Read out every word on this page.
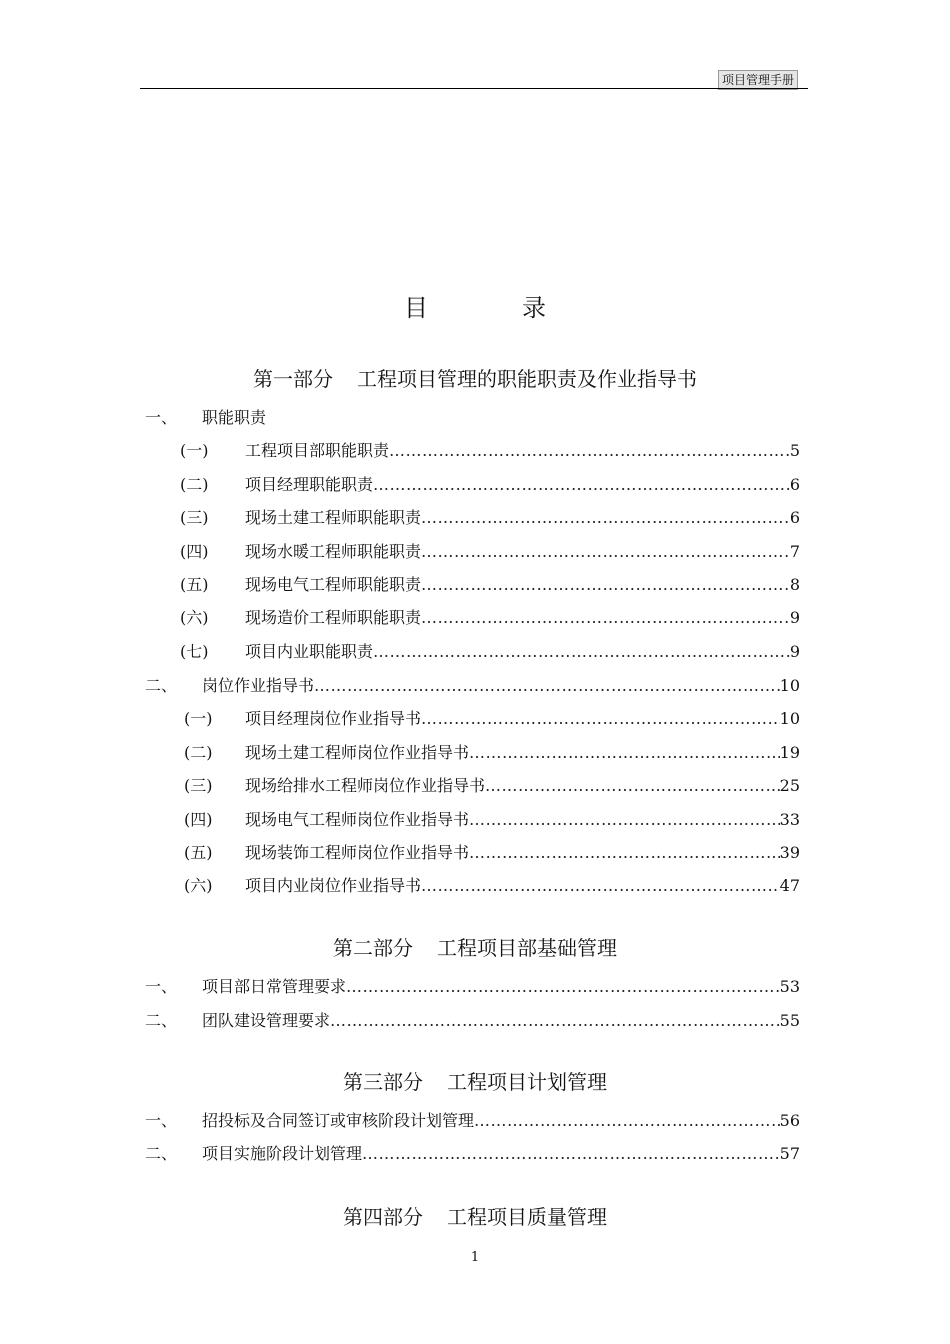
项目管理手册
目	录
第一部分 工程项目管理的职能职责及作业指导书
一、 职能职责
(一) 工程项目部职能职责 …………………………………………………………………………………………………………………………………………	5
(二) 项目经理职能职责 …………………………………………………………………………………………………………………………………………	6
(三) 现场土建工程师职能职责 …………………………………………………………………………………………………………………………………………	6
(四) 现场水暖工程师职能职责 …………………………………………………………………………………………………………………………………………	7
(五) 现场电气工程师职能职责 …………………………………………………………………………………………………………………………………………	8
(六) 现场造价工程师职能职责 …………………………………………………………………………………………………………………………………………	9
(七) 项目内业职能职责 …………………………………………………………………………………………………………………………………………	9
二、 岗位作业指导书 …………………………………………………………………………………………………………………………………………	10
(一) 项目经理岗位作业指导书 …………………………………………………………………………………………………………………………………………	10
(二) 现场土建工程师岗位作业指导书 …………………………………………………………………………………………………………………………………………	19
(三) 现场给排水工程师岗位作业指导书 …………………………………………………………………………………………………………………………………………	25
(四) 现场电气工程师岗位作业指导书 …………………………………………………………………………………………………………………………………………	33
(五) 现场装饰工程师岗位作业指导书 …………………………………………………………………………………………………………………………………………	39
(六) 项目内业岗位作业指导书 …………………………………………………………………………………………………………………………………………	47
第二部分 工程项目部基础管理
一、 项目部日常管理要求 …………………………………………………………………………………………………………………………………………	53
二、 团队建设管理要求 …………………………………………………………………………………………………………………………………………	55
第三部分 工程项目计划管理
一、 招投标及合同签订或审核阶段计划管理 …………………………………………………………………………………………………………………………………………	56
二、 项目实施阶段计划管理 …………………………………………………………………………………………………………………………………………	57
第四部分 工程项目质量管理
1
